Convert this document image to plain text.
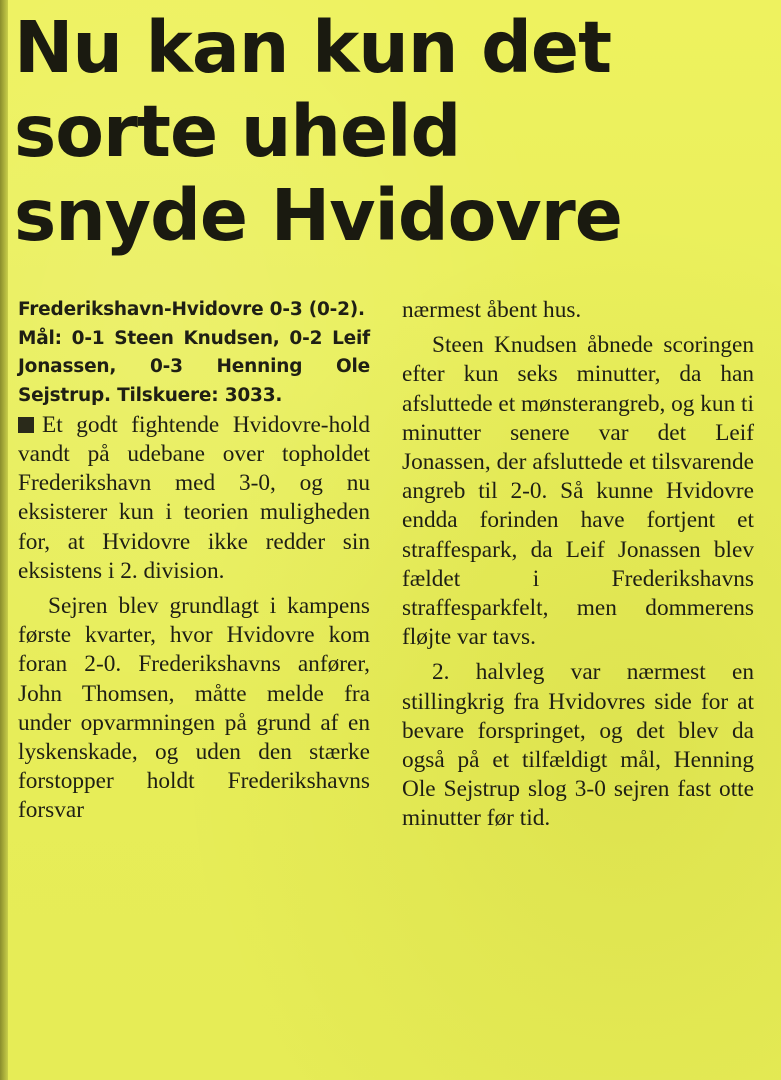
Nu kan kun det
sorte uheld
snyde Hvidovre

Frederikshavn-Hvidovre 0-3 (0-2).

Mål: 0-1 Steen Knudsen, 0-2 Leif Jonassen, 0-3 Henning Ole Sejstrup. Tilskuere: 3033.

Et godt fightende Hvidovre-hold vandt på udebane over topholdet Frederikshavn med 3-0, og nu eksisterer kun i teorien muligheden for, at Hvidovre ikke redder sin eksistens i 2. division.

Sejren blev grundlagt i kampens første kvarter, hvor Hvidovre kom foran 2-0. Frederikshavns anfører, John Thomsen, måtte melde fra under opvarmningen på grund af en lyskenskade, og uden den stærke forstopper holdt Frederikshavns forsvar

nærmest åbent hus.

Steen Knudsen åbnede scoringen efter kun seks minutter, da han afsluttede et mønsterangreb, og kun ti minutter senere var det Leif Jonassen, der afsluttede et tilsvarende angreb til 2-0. Så kunne Hvidovre endda forinden have fortjent et straffespark, da Leif Jonassen blev fældet i Frederikshavns straffesparkfelt, men dommerens fløjte var tavs.

2. halvleg var nærmest en stillingkrig fra Hvidovres side for at bevare forspringet, og det blev da også på et tilfældigt mål, Henning Ole Sejstrup slog 3-0 sejren fast otte minutter før tid.
